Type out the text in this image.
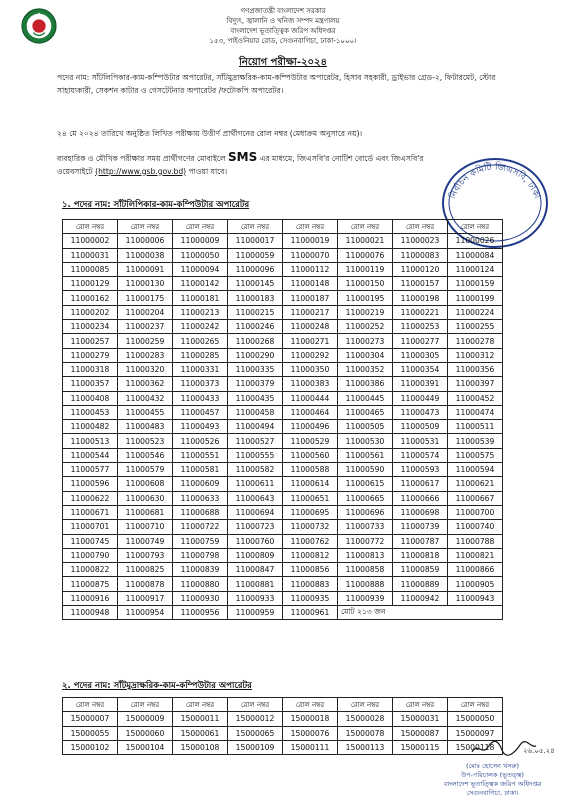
গণপ্রজাতন্ত্রী বাংলাদেশ সরকার
বিদ্যুৎ, জ্বালানি ও খনিজ সম্পদ মন্ত্রণালয়
বাংলাদেশ ভূতাত্ত্বিক জরিপ অধিদপ্তর
১৫৩, পাইওনিয়ার রোড, সেগুনবাগিচা, ঢাকা-১০০০।
নিয়োগ পরীক্ষা-২০২৪
পদের নাম: সাঁটলিপিকার-কাম-কম্পিউটার অপারেটর, সাঁটমুদ্রাক্ষরিক-কাম-কম্পিউটার অপারেটর, হিসাব সহকারী, ড্রাইভার গ্রেড-২, ফিটারমেট, স্টোর সাহায্যকারী, সেকশন কাটার ও গেসটেটনার অপারেটর /ফটোকপি অপারেটর।
২৪ মে ২০২৪ তারিখে অনুষ্ঠিত লিখিত পরীক্ষায় উত্তীর্ণ প্রার্থীগনের রোল নম্বর (মেধাক্রম অনুসারে নয়)।
ব্যবহারিক ও মৌখিক পরীক্ষার সময় প্রার্থীগণের মোবাইলে SMS এর মাধ্যমে, জিএসবি'র নোটিশ বোর্ডে এবং জিএসবি'র ওয়েবসাইটে (http://www.gsb.gov.bd) পাওয়া যাবে।
নির্বাচন কমিটি জিএসবি, ঢাকা
১. পদের নাম: সাঁটলিপিকার-কাম-কম্পিউটার অপারেটর
রোল নম্বর	রোল নম্বর	রোল নম্বর	রোল নম্বর	রোল নম্বর	রোল নম্বর	রোল নম্বর	রোল নম্বর
11000002	11000006	11000009	11000017	11000019	11000021	11000023	11000026
11000031	11000038	11000050	11000059	11000070	11000076	11000083	11000084
11000085	11000091	11000094	11000096	11000112	11000119	11000120	11000124
11000129	11000130	11000142	11000145	11000148	11000150	11000157	11000159
11000162	11000175	11000181	11000183	11000187	11000195	11000198	11000199
11000202	11000204	11000213	11000215	11000217	11000219	11000221	11000224
11000234	11000237	11000242	11000246	11000248	11000252	11000253	11000255
11000257	11000259	11000265	11000268	11000271	11000273	11000277	11000278
11000279	11000283	11000285	11000290	11000292	11000304	11000305	11000312
11000318	11000320	11000331	11000335	11000350	11000352	11000354	11000356
11000357	11000362	11000373	11000379	11000383	11000386	11000391	11000397
11000408	11000432	11000433	11000435	11000444	11000445	11000449	11000452
11000453	11000455	11000457	11000458	11000464	11000465	11000473	11000474
11000482	11000483	11000493	11000494	11000496	11000505	11000509	11000511
11000513	11000523	11000526	11000527	11000529	11000530	11000531	11000539
11000544	11000546	11000551	11000555	11000560	11000561	11000574	11000575
11000577	11000579	11000581	11000582	11000588	11000590	11000593	11000594
11000596	11000608	11000609	11000611	11000614	11000615	11000617	11000621
11000622	11000630	11000633	11000643	11000651	11000665	11000666	11000667
11000671	11000681	11000688	11000694	11000695	11000696	11000698	11000700
11000701	11000710	11000722	11000723	11000732	11000733	11000739	11000740
11000745	11000749	11000759	11000760	11000762	11000772	11000787	11000788
11000790	11000793	11000798	11000809	11000812	11000813	11000818	11000821
11000822	11000825	11000839	11000847	11000856	11000858	11000859	11000866
11000875	11000878	11000880	11000881	11000883	11000888	11000889	11000905
11000916	11000917	11000930	11000933	11000935	11000939	11000942	11000943
11000948	11000954	11000956	11000959	11000961	মোট ২১৩ জন		
২. পদের নাম: সাঁটমুদ্রাক্ষরিক-কাম-কম্পিউটার অপারেটর
রোল নম্বর	রোল নম্বর	রোল নম্বর	রোল নম্বর	রোল নম্বর	রোল নম্বর	রোল নম্বর	রোল নম্বর
15000007	15000009	15000011	15000012	15000018	15000028	15000031	15000050
15000055	15000060	15000061	15000065	15000076	15000078	15000087	15000097
15000102	15000104	15000108	15000109	15000111	15000113	15000115	15000118	২৬.০৫.২৪
(মোঃ হোসেন খসরু)
উপ-পরিচালক (ভূতত্ত্ব)
বাংলাদেশ ভূতাত্ত্বিক জরিপ অধিদপ্তর
সেগুনবাগিচা, ঢাকা।
